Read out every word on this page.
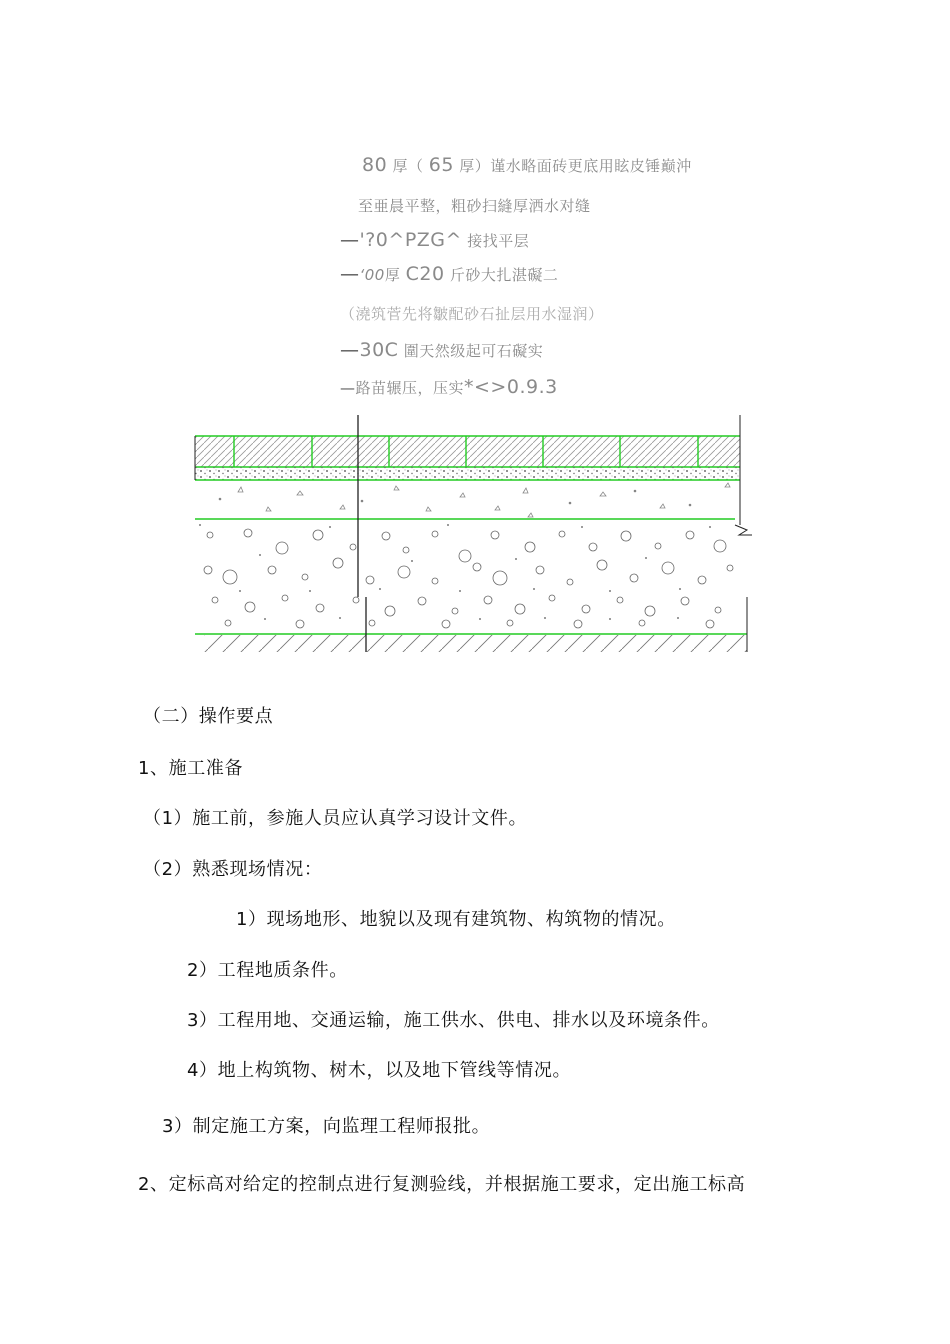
80 厚（ 65 厚）谨水略面砖更底用眩皮锤巅沖
至亜晨平整，粗砂扫縫厚洒水对缝
—'?0^PZG^ 接找平层
—‘00厚 C20 斤砂大扎湛礙二
（澆筑菅先将皺配砂石扯层用水湿润）
—30C 圍天然级起可石礙实
—路苗辗压，压实*<>0.9.3
（二）操作要点
1、施工准备
（1）施工前，参施人员应认真学习设计文件。
（2）熟悉现场情况：
1）现场地形、地貌以及现有建筑物、构筑物的情况。
2）工程地质条件。
3）工程用地、交通运输，施工供水、供电、排水以及环境条件。
4）地上构筑物、树木，以及地下管线等情况。
3）制定施工方案，向监理工程师报批。
2、定标高对给定的控制点进行复测验线，并根据施工要求，定出施工标高
